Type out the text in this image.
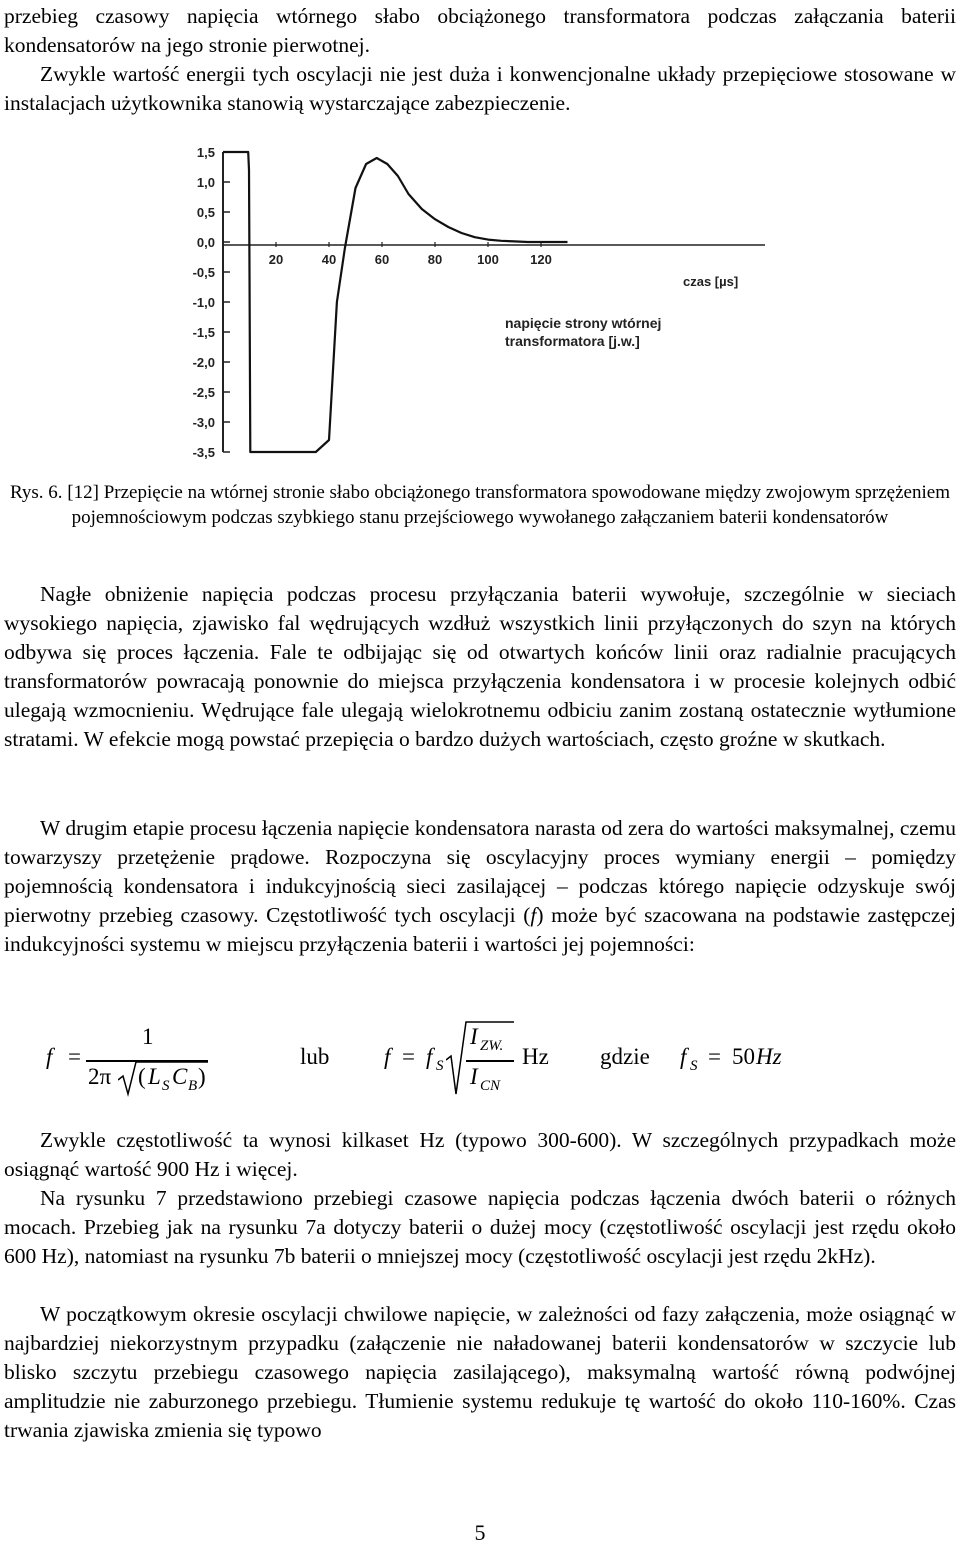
przebieg czasowy napięcia wtórnego słabo obciążonego transformatora podczas załączania baterii kondensatorów na jego stronie pierwotnej.

Zwykle wartość energii tych oscylacji nie jest duża i konwencjonalne układy przepięciowe stosowane w instalacjach użytkownika stanowią wystarczające zabezpieczenie.

1,5
1,0
0,5
0,0
-0,5
-1,0
-1,5
-2,0
-2,5
-3,0
-3,5
20	40	60	80	100 120
czas [µs]
napięcie strony wtórnej
transformatora [j.w.]
Rys. 6. [12] Przepięcie na wtórnej stronie słabo obciążonego transformatora spowodowane między zwojowym sprzężeniem pojemnościowym podczas szybkiego stanu przejściowego wywołanego załączaniem baterii kondensatorów

Nagłe obniżenie napięcia podczas procesu przyłączania baterii wywołuje, szczególnie w sieciach wysokiego napięcia, zjawisko fal wędrujących wzdłuż wszystkich linii przyłączonych do szyn na których odbywa się proces łączenia. Fale te odbijając się od otwartych końców linii oraz radialnie pracujących transformatorów powracają ponownie do miejsca przyłączenia kondensatora i w procesie kolejnych odbić ulegają wzmocnieniu. Wędrujące fale ulegają wielokrotnemu odbiciu zanim zostaną ostatecznie wytłumione stratami. W efekcie mogą powstać przepięcia o bardzo dużych wartościach, często groźne w skutkach.

W drugim etapie procesu łączenia napięcie kondensatora narasta od zera do wartości maksymalnej, czemu towarzyszy przetężenie prądowe. Rozpoczyna się oscylacyjny proces wymiany energii – pomiędzy pojemnością kondensatora i indukcyjnością sieci zasilającej – podczas którego napięcie odzyskuje swój pierwotny przebieg czasowy. Częstotliwość tych oscylacji (f) może być szacowana na podstawie zastępczej indukcyjności systemu w miejscu przyłączenia baterii i wartości jej pojemności:

f =
1
2π ( L S C B )
lub f = f S
I ZW.
I CN
Hz gdzie f S = 50 Hz

Zwykle częstotliwość ta wynosi kilkaset Hz (typowo 300-600). W szczególnych przypadkach może osiągnąć wartość 900 Hz i więcej.

Na rysunku 7 przedstawiono przebiegi czasowe napięcia podczas łączenia dwóch baterii o różnych mocach. Przebieg jak na rysunku 7a dotyczy baterii o dużej mocy (częstotliwość oscylacji jest rzędu około 600 Hz), natomiast na rysunku 7b baterii o mniejszej mocy (częstotliwość oscylacji jest rzędu 2kHz).

W początkowym okresie oscylacji chwilowe napięcie, w zależności od fazy załączenia, może osiągnąć w najbardziej niekorzystnym przypadku (załączenie nie naładowanej baterii kondensatorów w szczycie lub blisko szczytu przebiegu czasowego napięcia zasilającego), maksymalną wartość równą podwójnej amplitudzie nie zaburzonego przebiegu. Tłumienie systemu redukuje tę wartość do około 110-160%. Czas trwania zjawiska zmienia się typowo

5
